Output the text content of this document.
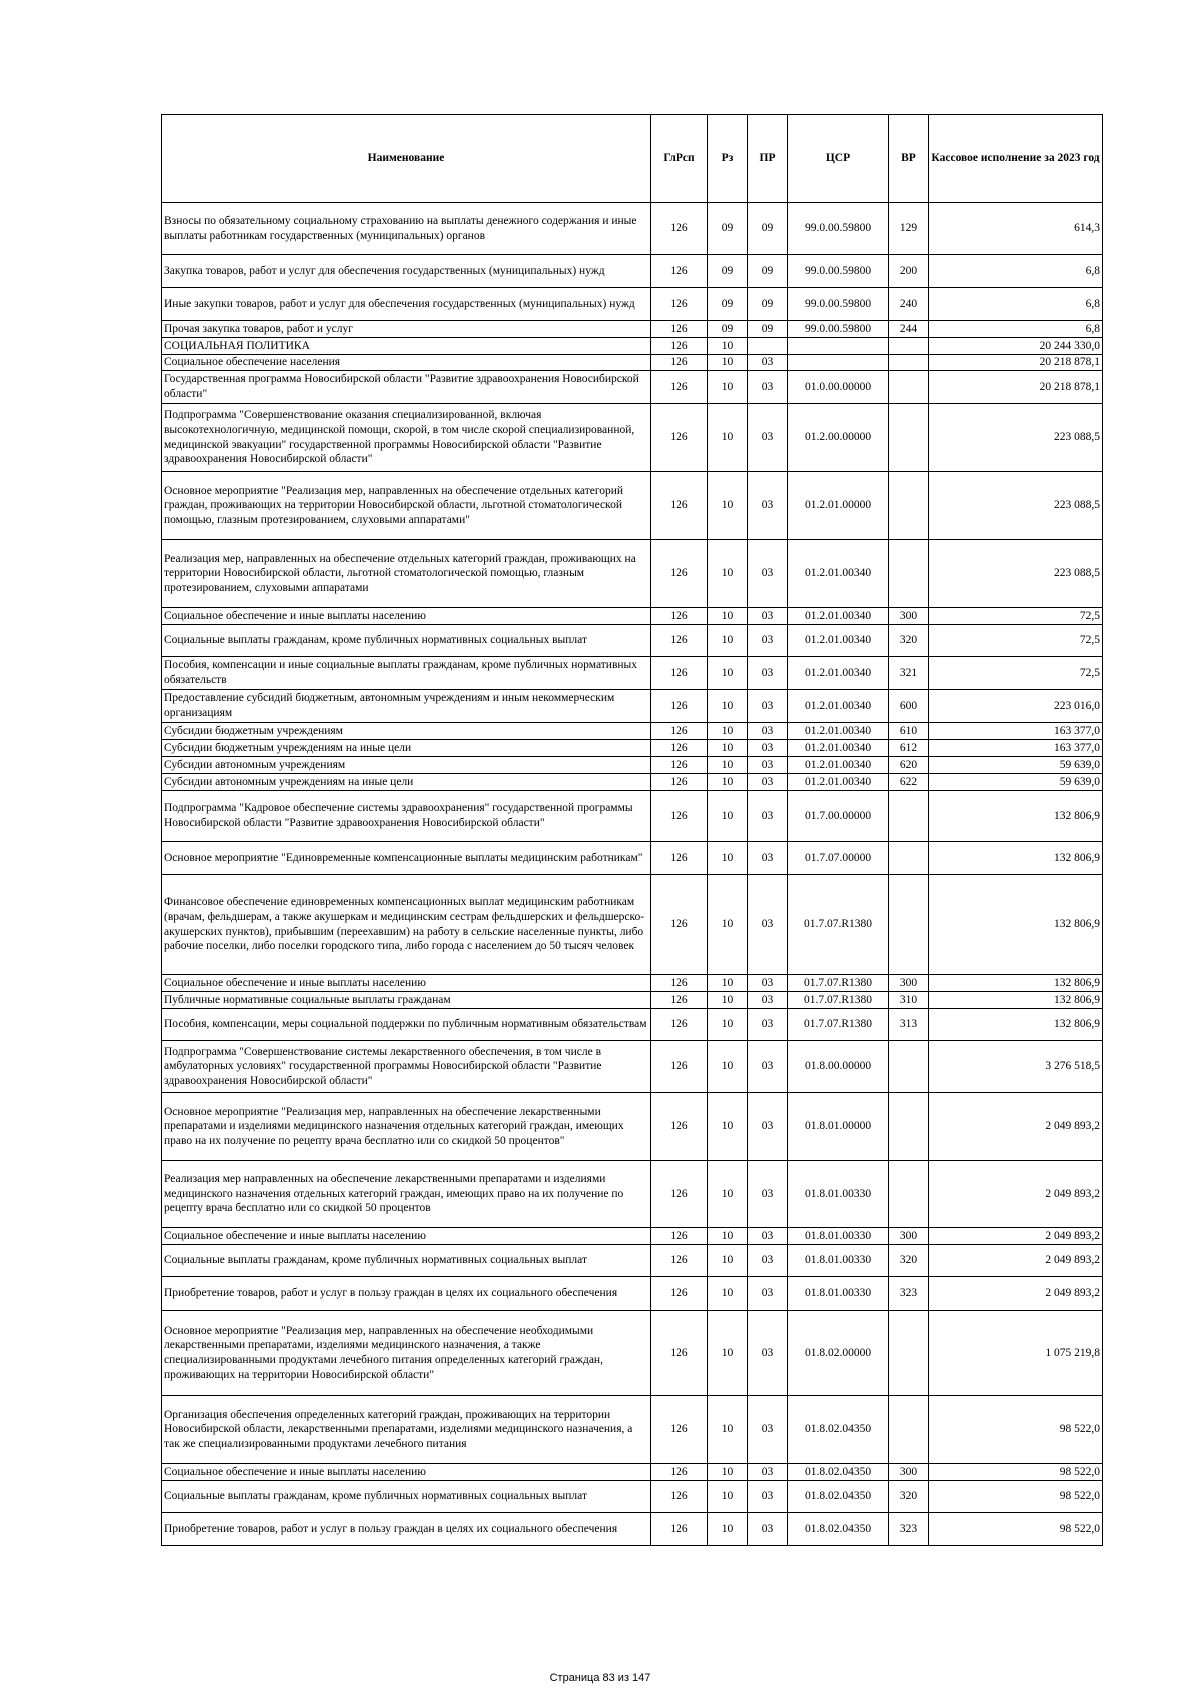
Наименование	ГлРсп	Рз	ПР	ЦСР	ВР	Кассовое исполнение за 2023 год
Взносы по обязательному социальному страхованию на выплаты денежного содержания и иные выплаты работникам государственных (муниципальных) органов	126	09	09	99.0.00.59800	129	614,3
Закупка товаров, работ и услуг для обеспечения государственных (муниципальных) нужд	126	09	09	99.0.00.59800	200	6,8
Иные закупки товаров, работ и услуг для обеспечения государственных (муниципальных) нужд	126	09	09	99.0.00.59800	240	6,8
Прочая закупка товаров, работ и услуг	126	09	09	99.0.00.59800	244	6,8
СОЦИАЛЬНАЯ ПОЛИТИКА	126	10				20 244 330,0
Социальное обеспечение населения	126	10	03			20 218 878,1
Государственная программа Новосибирской области "Развитие здравоохранения Новосибирской области"	126	10	03	01.0.00.00000		20 218 878,1
Подпрограмма "Совершенствование оказания специализированной, включая высокотехнологичную, медицинской помощи, скорой, в том числе скорой специализированной, медицинской эвакуации" государственной программы Новосибирской области "Развитие здравоохранения Новосибирской области"	126	10	03	01.2.00.00000		223 088,5
Основное мероприятие "Реализация мер, направленных на обеспечение отдельных категорий граждан, проживающих на территории Новосибирской области, льготной стоматологической помощью, глазным протезированием, слуховыми аппаратами"	126	10	03	01.2.01.00000		223 088,5
Реализация мер, направленных на обеспечение отдельных категорий граждан, проживающих на территории Новосибирской области, льготной стоматологической помощью, глазным протезированием, слуховыми аппаратами	126	10	03	01.2.01.00340		223 088,5
Социальное обеспечение и иные выплаты населению	126	10	03	01.2.01.00340	300	72,5
Социальные выплаты гражданам, кроме публичных нормативных социальных выплат	126	10	03	01.2.01.00340	320	72,5
Пособия, компенсации и иные социальные выплаты гражданам, кроме публичных нормативных обязательств	126	10	03	01.2.01.00340	321	72,5
Предоставление субсидий бюджетным, автономным учреждениям и иным некоммерческим организациям	126	10	03	01.2.01.00340	600	223 016,0
Субсидии бюджетным учреждениям	126	10	03	01.2.01.00340	610	163 377,0
Субсидии бюджетным учреждениям на иные цели	126	10	03	01.2.01.00340	612	163 377,0
Субсидии автономным учреждениям	126	10	03	01.2.01.00340	620	59 639,0
Субсидии автономным учреждениям на иные цели	126	10	03	01.2.01.00340	622	59 639,0
Подпрограмма "Кадровое обеспечение системы здравоохранения" государственной программы Новосибирской области "Развитие здравоохранения Новосибирской области"	126	10	03	01.7.00.00000		132 806,9
Основное мероприятие "Единовременные компенсационные выплаты медицинским работникам"	126	10	03	01.7.07.00000		132 806,9
Финансовое обеспечение единовременных компенсационных выплат медицинским работникам (врачам, фельдшерам, а также акушеркам и медицинским сестрам фельдшерских и фельдшерско-акушерских пунктов), прибывшим (переехавшим) на работу в сельские населенные пункты, либо рабочие поселки, либо поселки городского типа, либо города с населением до 50 тысяч человек	126	10	03	01.7.07.R1380		132 806,9
Социальное обеспечение и иные выплаты населению	126	10	03	01.7.07.R1380	300	132 806,9
Публичные нормативные социальные выплаты гражданам	126	10	03	01.7.07.R1380	310	132 806,9
Пособия, компенсации, меры социальной поддержки по публичным нормативным обязательствам	126	10	03	01.7.07.R1380	313	132 806,9
Подпрограмма "Совершенствование системы лекарственного обеспечения, в том числе в амбулаторных условиях" государственной программы Новосибирской области "Развитие здравоохранения Новосибирской области"	126	10	03	01.8.00.00000		3 276 518,5
Основное мероприятие "Реализация мер, направленных на обеспечение лекарственными препаратами и изделиями медицинского назначения отдельных категорий граждан, имеющих право на их получение по рецепту врача бесплатно или со скидкой 50 процентов"	126	10	03	01.8.01.00000		2 049 893,2
Реализация мер направленных на обеспечение лекарственными препаратами и изделиями медицинского назначения отдельных категорий граждан, имеющих право на их получение по рецепту врача бесплатно или со скидкой 50 процентов	126	10	03	01.8.01.00330		2 049 893,2
Социальное обеспечение и иные выплаты населению	126	10	03	01.8.01.00330	300	2 049 893,2
Социальные выплаты гражданам, кроме публичных нормативных социальных выплат	126	10	03	01.8.01.00330	320	2 049 893,2
Приобретение товаров, работ и услуг в пользу граждан в целях их социального обеспечения	126	10	03	01.8.01.00330	323	2 049 893,2
Основное мероприятие "Реализация мер, направленных на обеспечение необходимыми лекарственными препаратами, изделиями медицинского назначения, а также специализированными продуктами лечебного питания определенных категорий граждан, проживающих на территории Новосибирской области"	126	10	03	01.8.02.00000		1 075 219,8
Организация обеспечения определенных категорий граждан, проживающих на территории Новосибирской области, лекарственными препаратами, изделиями медицинского назначения, а так же специализированными продуктами лечебного питания	126	10	03	01.8.02.04350		98 522,0
Социальное обеспечение и иные выплаты населению	126	10	03	01.8.02.04350	300	98 522,0
Социальные выплаты гражданам, кроме публичных нормативных социальных выплат	126	10	03	01.8.02.04350	320	98 522,0
Приобретение товаров, работ и услуг в пользу граждан в целях их социального обеспечения	126	10	03	01.8.02.04350	323	98 522,0
Страница 83 из 147
